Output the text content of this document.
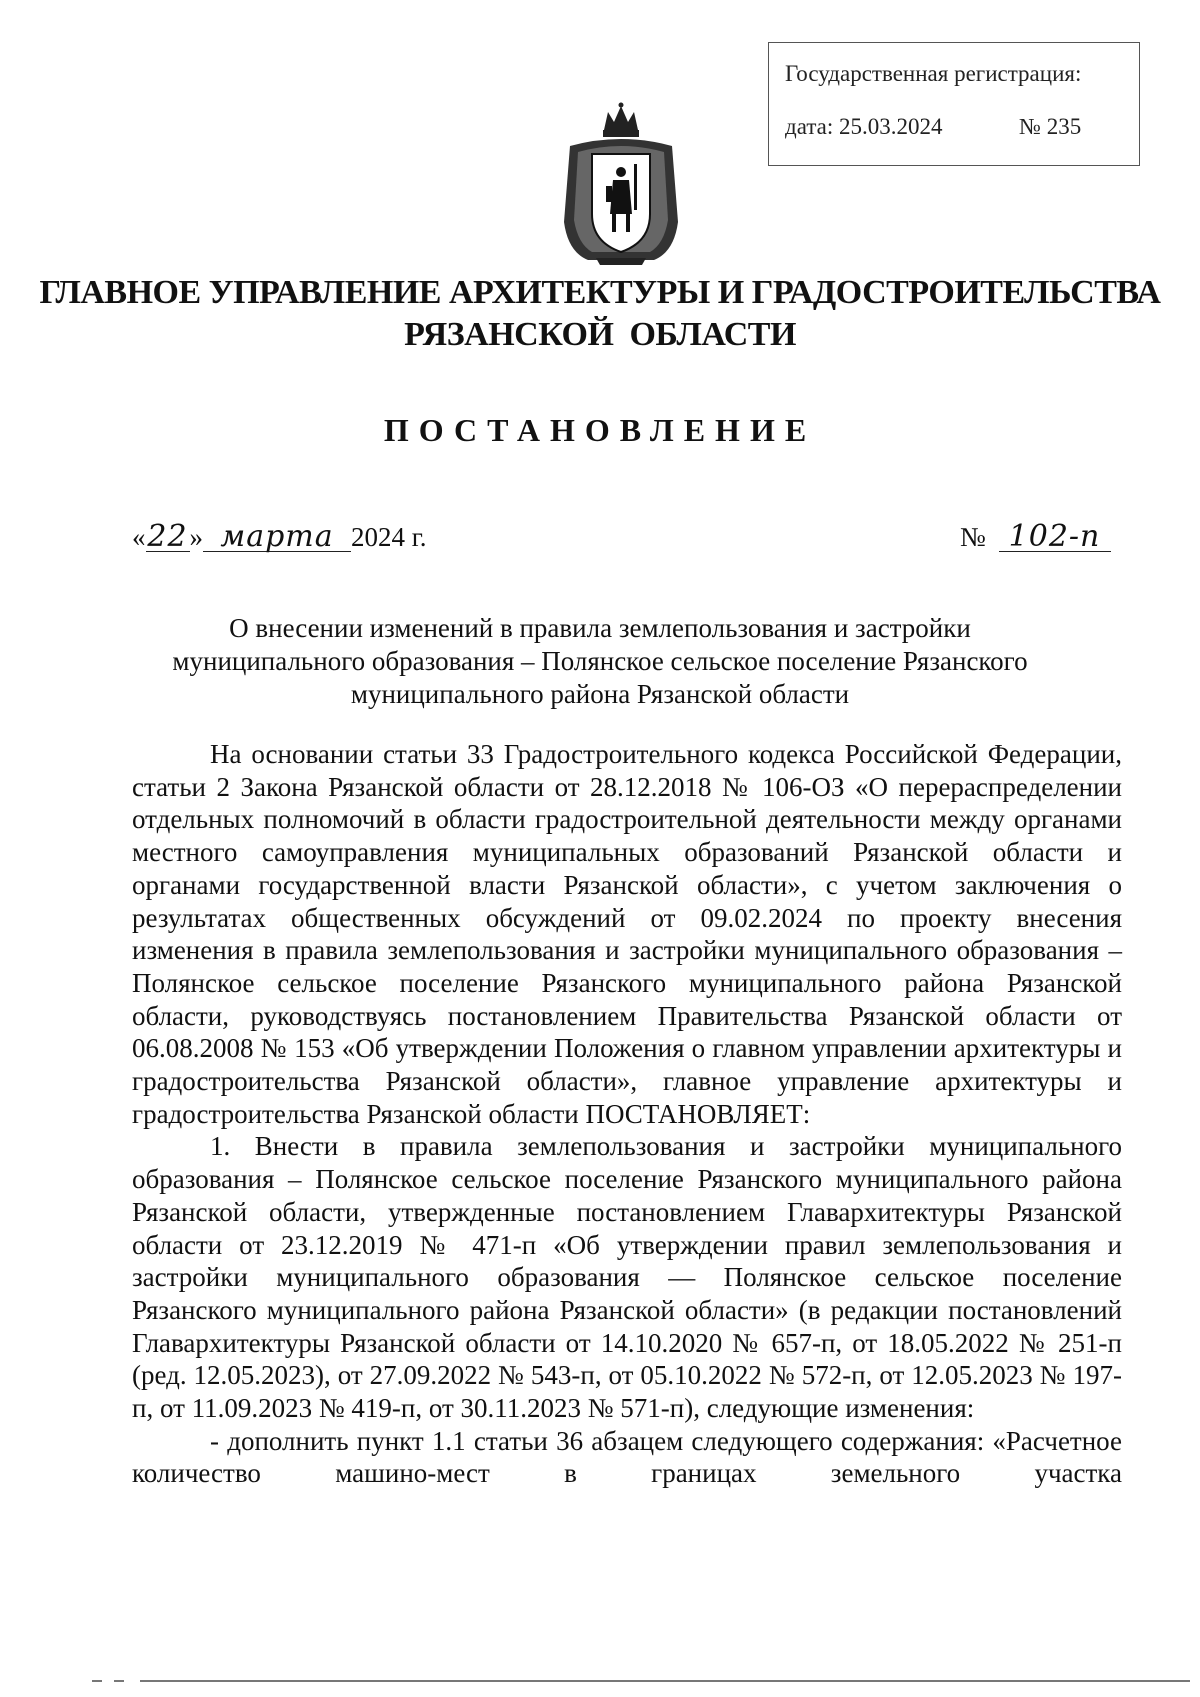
Государственная регистрация:
дата: 25.03.2024	№ 235
ГЛАВНОЕ УПРАВЛЕНИЕ АРХИТЕКТУРЫ И ГРАДОСТРОИТЕЛЬСТВА
РЯЗАНСКОЙ  ОБЛАСТИ
ПОСТАНОВЛЕНИЕ
«22» марта 2024 г.	№ 102-п
О внесении изменений в правила землепользования и застройки
муниципального образования – Полянское сельское поселение Рязанского
муниципального района Рязанской области

На основании статьи 33 Градостроительного кодекса Российской Федерации, статьи 2 Закона Рязанской области от 28.12.2018 № 106-ОЗ «О перераспределении отдельных полномочий в области градостроительной деятельности между органами местного самоуправления муниципальных образований Рязанской области и органами государственной власти Рязанской области», с учетом заключения о результатах общественных обсуждений от 09.02.2024 по проекту внесения изменения в правила землепользования и застройки муниципального образования – Полянское сельское поселение Рязанского муниципального района Рязанской области, руководствуясь постановлением Правительства Рязанской области от 06.08.2008 № 153 «Об утверждении Положения о главном управлении архитектуры и градостроительства Рязанской области», главное управление архитектуры и градостроительства Рязанской области ПОСТАНОВЛЯЕТ:

1. Внести в правила землепользования и застройки муниципального образования – Полянское сельское поселение Рязанского муниципального района Рязанской области, утвержденные постановлением Главархитектуры Рязанской области от 23.12.2019 № 471-п «Об утверждении правил землепользования и застройки муниципального образования — Полянское сельское поселение Рязанского муниципального района Рязанской области» (в редакции постановлений Главархитектуры Рязанской области от 14.10.2020 № 657-п, от 18.05.2022 № 251-п (ред. 12.05.2023), от 27.09.2022 № 543-п, от 05.10.2022 № 572-п, от 12.05.2023 № 197-п, от 11.09.2023 № 419-п, от 30.11.2023 № 571-п), следующие изменения:

- дополнить пункт 1.1 статьи 36 абзацем следующего содержания: «Расчетное количество машино-мест в границах земельного участка
